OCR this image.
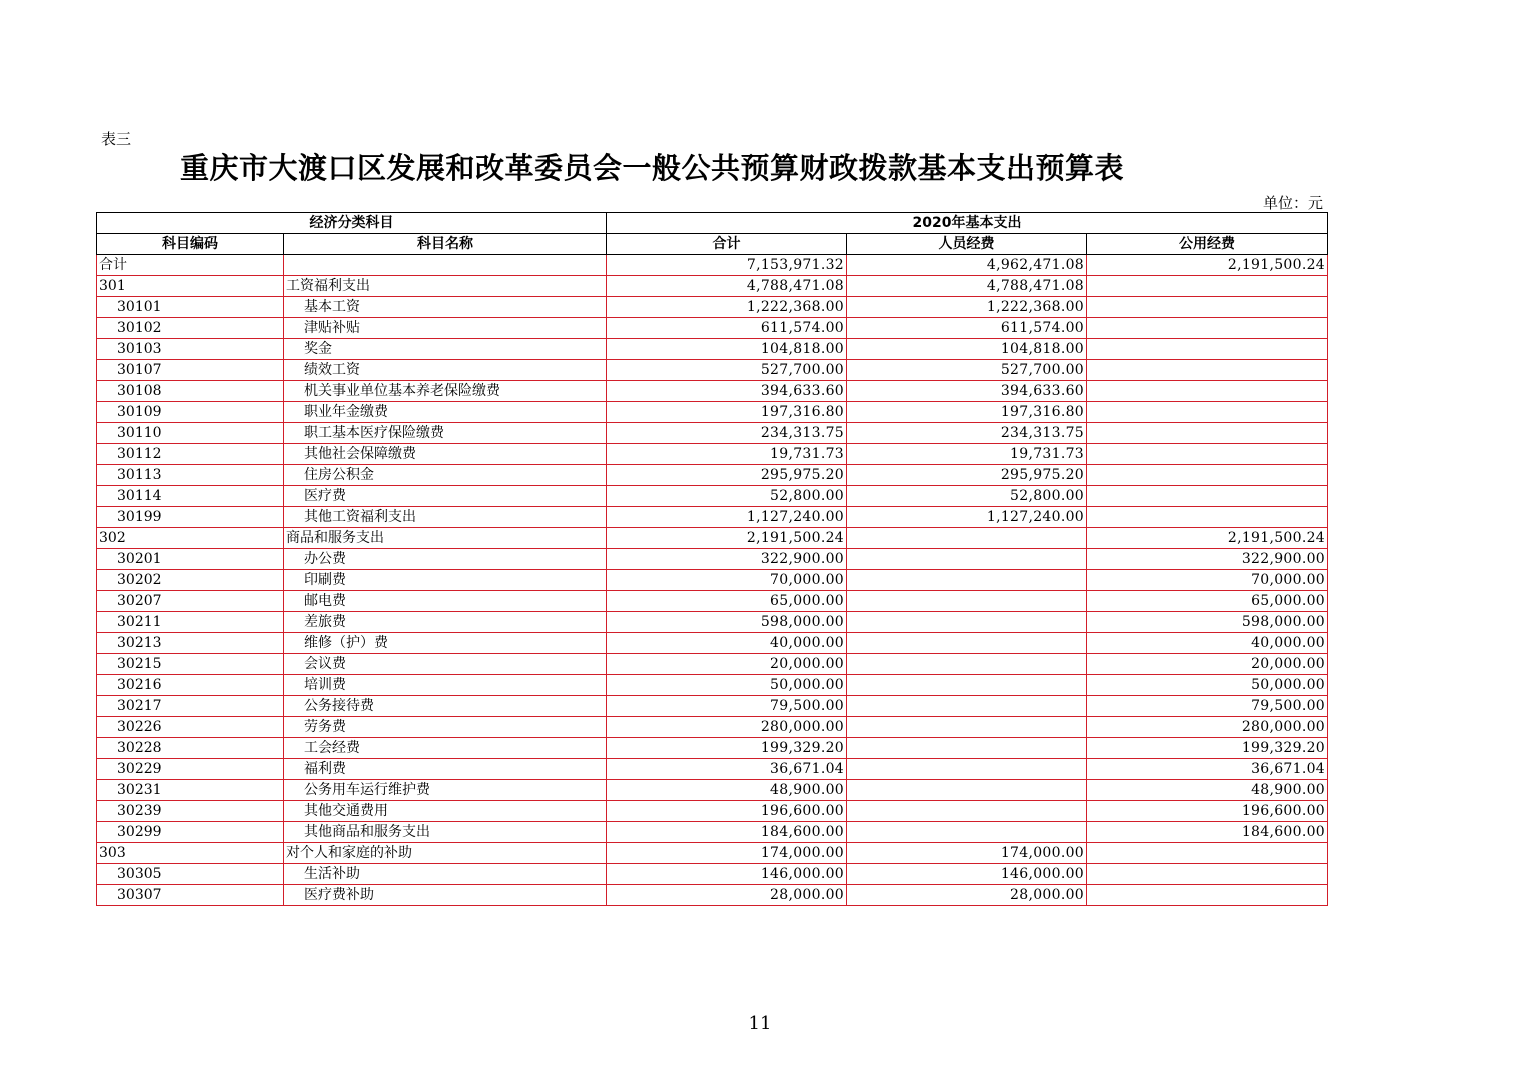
表三
重庆市大渡口区发展和改革委员会一般公共预算财政拨款基本支出预算表
单位：元
经济分类科目		2020年基本支出		
科目编码	科目名称	合计	人员经费	公用经费
合计		7,153,971.32	4,962,471.08	2,191,500.24
301	工资福利支出	4,788,471.08	4,788,471.08	
30101	基本工资	1,222,368.00	1,222,368.00	
30102	津贴补贴	611,574.00	611,574.00	
30103	奖金	104,818.00	104,818.00	
30107	绩效工资	527,700.00	527,700.00	
30108	机关事业单位基本养老保险缴费	394,633.60	394,633.60	
30109	职业年金缴费	197,316.80	197,316.80	
30110	职工基本医疗保险缴费	234,313.75	234,313.75	
30112	其他社会保障缴费	19,731.73	19,731.73	
30113	住房公积金	295,975.20	295,975.20	
30114	医疗费	52,800.00	52,800.00	
30199	其他工资福利支出	1,127,240.00	1,127,240.00	
302	商品和服务支出	2,191,500.24		2,191,500.24
30201	办公费	322,900.00		322,900.00
30202	印刷费	70,000.00		70,000.00
30207	邮电费	65,000.00		65,000.00
30211	差旅费	598,000.00		598,000.00
30213	维修（护）费	40,000.00		40,000.00
30215	会议费	20,000.00		20,000.00
30216	培训费	50,000.00		50,000.00
30217	公务接待费	79,500.00		79,500.00
30226	劳务费	280,000.00		280,000.00
30228	工会经费	199,329.20		199,329.20
30229	福利费	36,671.04		36,671.04
30231	公务用车运行维护费	48,900.00		48,900.00
30239	其他交通费用	196,600.00		196,600.00
30299	其他商品和服务支出	184,600.00		184,600.00
303	对个人和家庭的补助	174,000.00	174,000.00	
30305	生活补助	146,000.00	146,000.00	
30307	医疗费补助	28,000.00	28,000.00	
11
